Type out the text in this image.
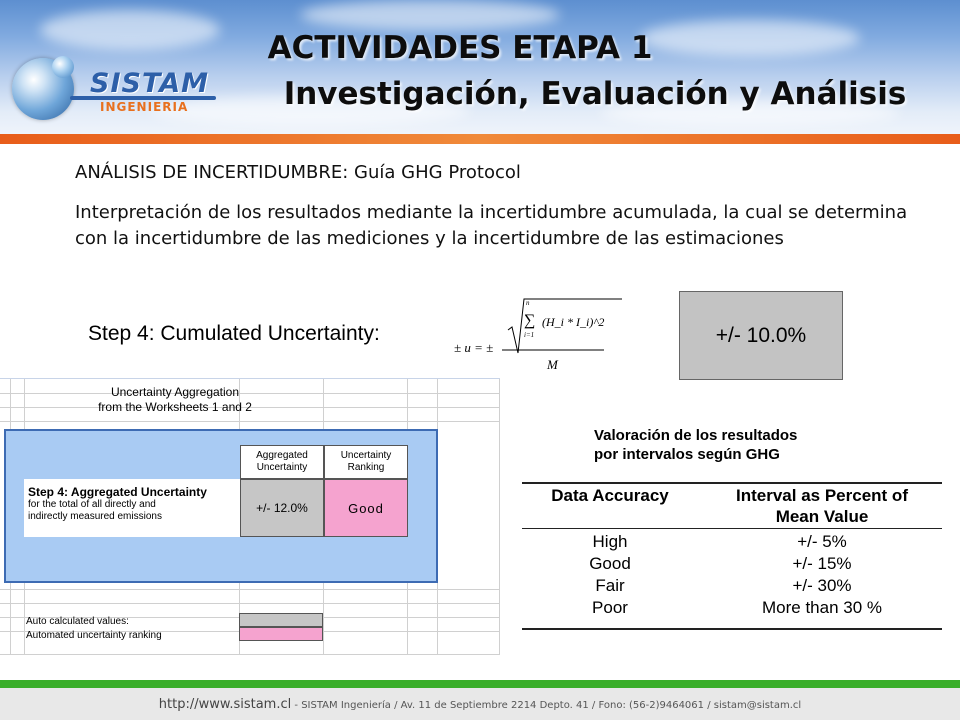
SISTAM
INGENIERIA
ACTIVIDADES ETAPA 1
Investigación, Evaluación y Análisis
ANÁLISIS DE INCERTIDUMBRE: Guía GHG Protocol
Interpretación de los resultados mediante la incertidumbre acumulada, la cual se determina con la incertidumbre de las mediciones y la incertidumbre de las estimaciones
Step 4: Cumulated Uncertainty:
± u = ±
n
∑
i=1
(H_i * I_i)^2
M
+/- 10.0%
Uncertainty Aggregation
from the Worksheets 1 and 2
Aggregated Uncertainty
Uncertainty Ranking
Step 4: Aggregated Uncertainty
for the total of all directly and
indirectly measured emissions
+/- 12.0%	Good
Auto calculated values:
Automated uncertainty ranking
Valoración de los resultados
por intervalos según GHG
Data Accuracy	Interval as Percent of
Mean Value
High	+/- 5%
Good	+/- 15%
Fair	+/- 30%
Poor	More than 30 %
http://www.sistam.cl - SISTAM Ingeniería / Av. 11 de Septiembre 2214 Depto. 41 / Fono: (56-2)9464061 / sistam@sistam.cl
